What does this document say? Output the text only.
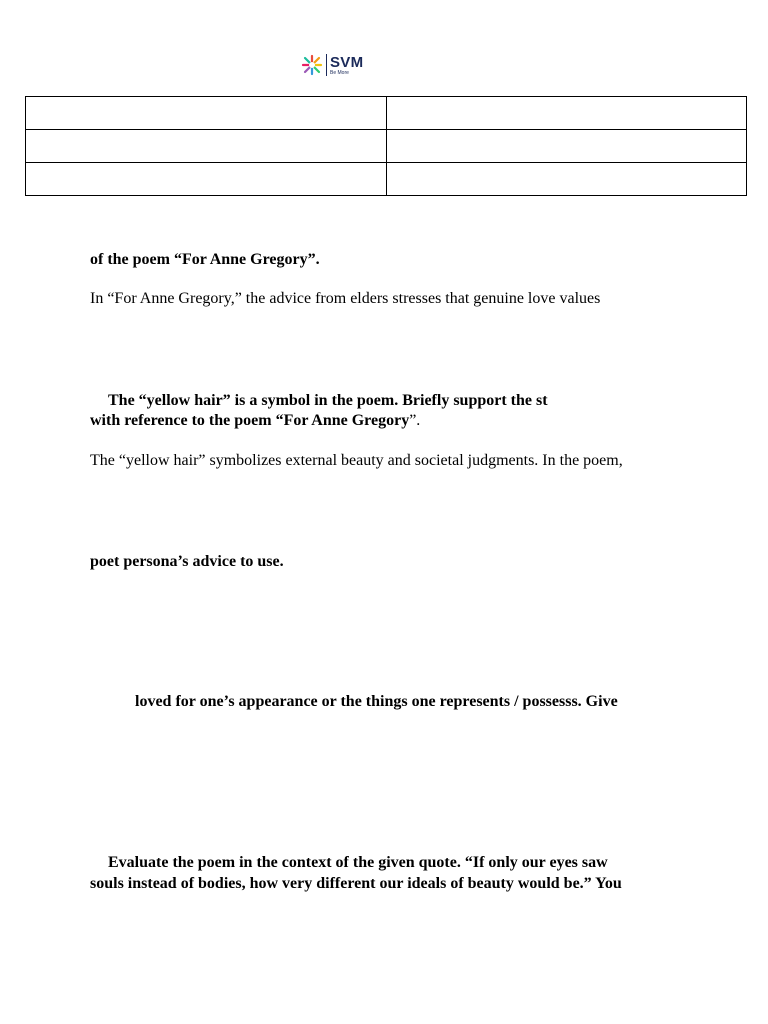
SVM
Be More

of the poem “For Anne Gregory”.
In “For Anne Gregory,” the advice from elders stresses that genuine love values
The “yellow hair” is a symbol in the poem. Briefly support the st
with reference to the poem “For Anne Gregory”.
The “yellow hair” symbolizes external beauty and societal judgments. In the poem,
poet persona’s advice to use.
loved for one’s appearance or the things one represents / possesss. Give
Evaluate the poem in the context of the given quote. “If only our eyes saw
souls instead of bodies, how very different our ideals of beauty would be.” You
